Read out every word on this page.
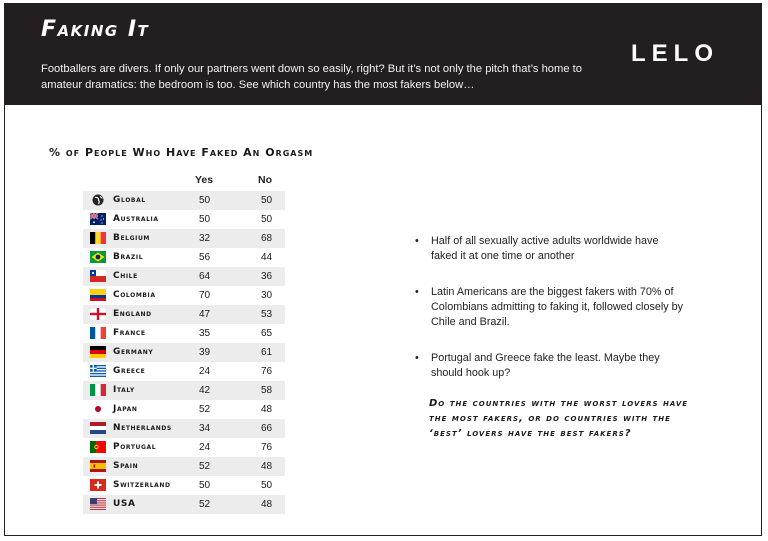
Faking It
Footballers are divers. If only our partners went down so easily, right? But it’s not only the pitch that’s home to amateur dramatics: the bedroom is too. See which country has the most fakers below…
LELO
% of People Who Have Faked An Orgasm
Yes	No
Global	50	50
Australia	50	50
Belgium	32	68
Brazil	56	44
Chile	64	36
Colombia	70	30
England	47	53
France	35	65
Germany	39	61
Greece	24	76
Italy	42	58
Japan	52	48
Netherlands	34	66
Portugal	24	76
Spain	52	48
Switzerland	50	50
USA	52	48
• Half of all sexually active adults worldwide have faked it at one time or another
• Latin Americans are the biggest fakers with 70% of Colombians admitting to faking it, followed closely by Chile and Brazil.
• Portugal and Greece fake the least. Maybe they should hook up?
Do the countries with the worst lovers have the most fakers, or do countries with the ‘best’ lovers have the best fakers?
